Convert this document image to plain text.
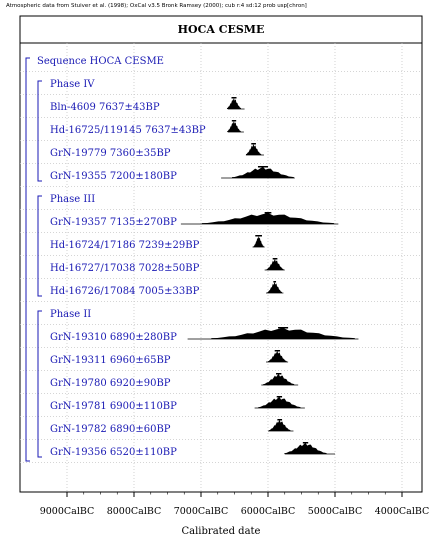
Atmospheric data from Stuiver et al. (1998); OxCal v3.5 Bronk Ramsey (2000); cub r:4 sd:12 prob usp[chron]
HOCA CESME
Calibrated date
Sequence HOCA CESME
Phase IV
Bln-4609 7637±43BP
Hd-16725/119145 7637±43BP
GrN-19779 7360±35BP
GrN-19355 7200±180BP
Phase III
GrN-19357 7135±270BP
Hd-16724/17186 7239±29BP
Hd-16727/17038 7028±50BP
Hd-16726/17084 7005±33BP
Phase II
GrN-19310 6890±280BP
GrN-19311 6960±65BP
GrN-19780 6920±90BP
GrN-19781 6900±110BP
GrN-19782 6890±60BP
GrN-19356 6520±110BP
9000CalBC 8000CalBC 7000CalBC 6000CalBC 5000CalBC 4000CalBC
